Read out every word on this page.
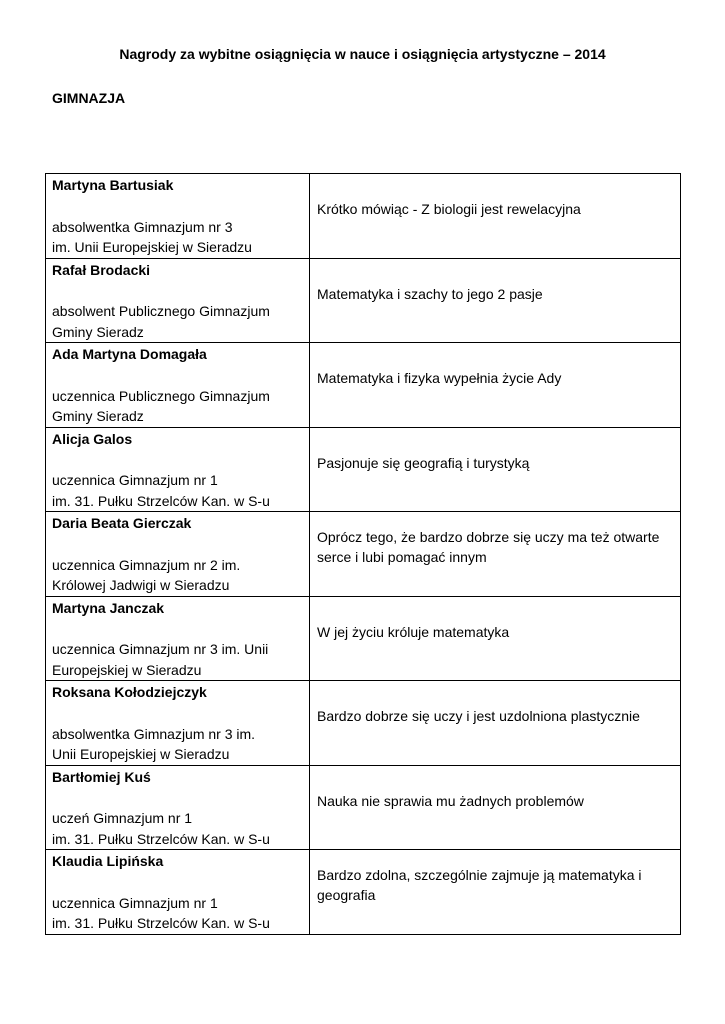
Nagrody za wybitne osiągnięcia w nauce i osiągnięcia artystyczne – 2014
GIMNAZJA
Martyna Bartusiak
absolwentka Gimnazjum nr 3
im. Unii Europejskiej w Sieradzu	Krótko mówiąc - Z biologii jest rewelacyjna

Rafał Brodacki
absolwent Publicznego Gimnazjum
Gminy Sieradz	Matematyka i szachy to jego 2 pasje

Ada Martyna Domagała
uczennica Publicznego Gimnazjum
Gminy Sieradz	Matematyka i fizyka wypełnia życie Ady

Alicja Galos
uczennica Gimnazjum nr 1
im. 31. Pułku Strzelców Kan. w S-u	Pasjonuje się geografią i turystyką

Daria Beata Gierczak
uczennica Gimnazjum nr 2 im.
Królowej Jadwigi w Sieradzu	Oprócz tego, że bardzo dobrze się uczy ma też otwarte serce i lubi pomagać innym

Martyna Janczak
uczennica Gimnazjum nr 3 im. Unii
Europejskiej w Sieradzu	W jej życiu króluje matematyka

Roksana Kołodziejczyk
absolwentka Gimnazjum nr 3 im.
Unii Europejskiej w Sieradzu	Bardzo dobrze się uczy i jest uzdolniona plastycznie

Bartłomiej Kuś
uczeń Gimnazjum nr 1
im. 31. Pułku Strzelców Kan. w S-u	Nauka nie sprawia mu żadnych problemów

Klaudia Lipińska
uczennica Gimnazjum nr 1
im. 31. Pułku Strzelców Kan. w S-u	Bardzo zdolna, szczególnie zajmuje ją matematyka i geografia
